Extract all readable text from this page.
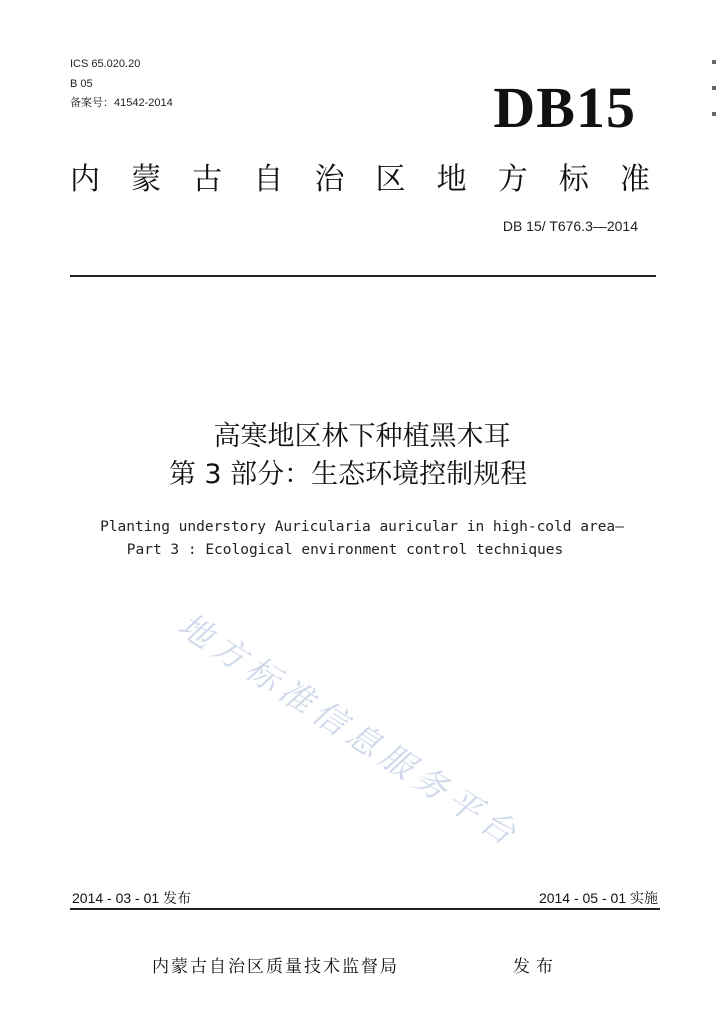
ICS 65.020.20
B 05
备案号：41542-2014	DB15
内 蒙 古 自 治 区 地 方 标 准
DB 15/ T676.3—2014
高寒地区林下种植黑木耳
第 3 部分：生态环境控制规程
Planting understory Auricularia auricular in high-cold area—
Part 3 : Ecological environment control techniques
地方标准信息服务平台
2014 - 03 - 01 发布	2014 - 05 - 01 实施
内蒙古自治区质量技术监督局	发布
